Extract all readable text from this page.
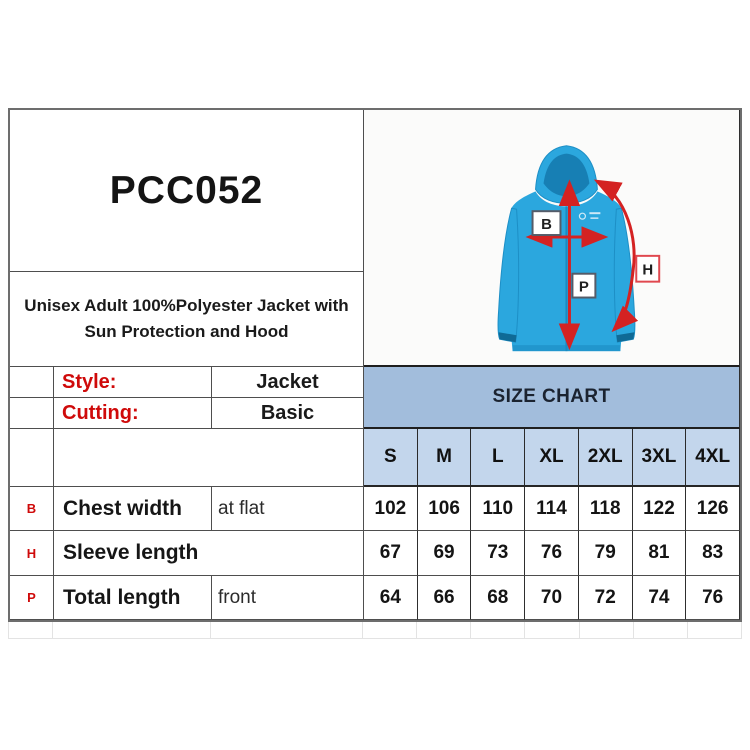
PCC052
B
P
H
Unisex Adult 100%Polyester Jacket with
Sun Protection and Hood
Style:	Jacket
SIZE CHART
Cutting:	Basic
S	M	L	XL	2XL 3XL 4XL
B	Chest width	at flat	102	106	110	114	118	122	126
H	Sleeve length	67	69	73	76	79	81	83
P	Total length	front	64	66	68	70	72	74	76
